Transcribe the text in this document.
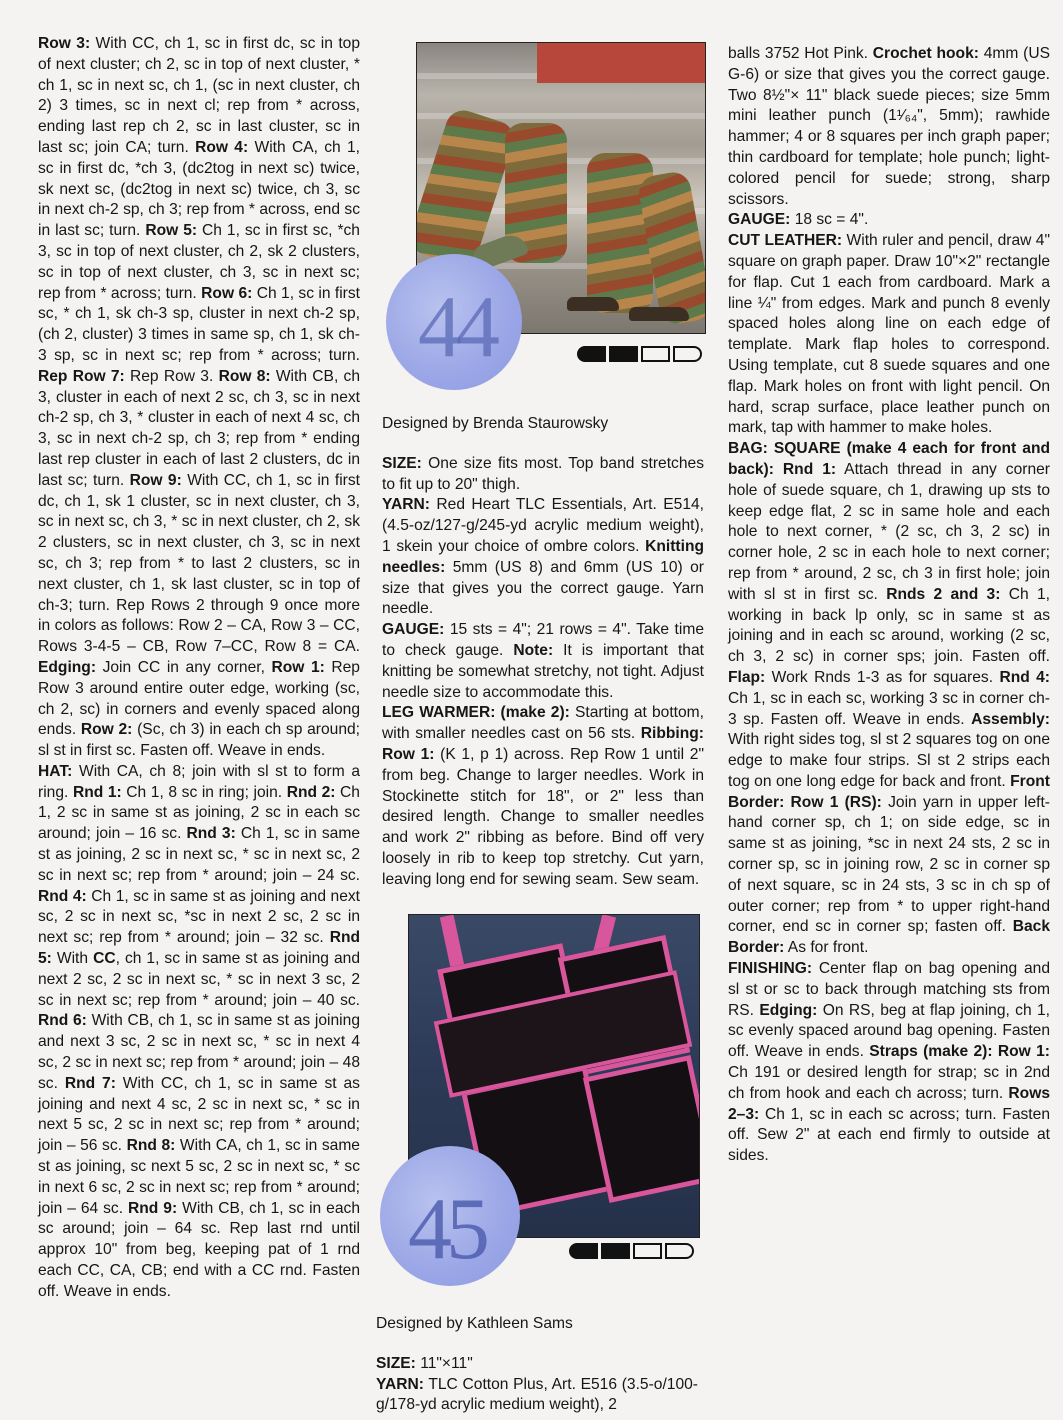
Row 3: With CC, ch 1, sc in first dc, sc in top of next cluster; ch 2, sc in top of next cluster, * ch 1, sc in next sc, ch 1, (sc in next cluster, ch 2) 3 times, sc in next cl; rep from * across, ending last rep ch 2, sc in last cluster, sc in last sc; join CA; turn. Row 4: With CA, ch 1, sc in first dc, *ch 3, (dc2tog in next sc) twice, sk next sc, (dc2tog in next sc) twice, ch 3, sc in next ch-2 sp, ch 3; rep from * across, end sc in last sc; turn. Row 5: Ch 1, sc in first sc, *ch 3, sc in top of next cluster, ch 2, sk 2 clusters, sc in top of next cluster, ch 3, sc in next sc; rep from * across; turn. Row 6: Ch 1, sc in first sc, * ch 1, sk ch-3 sp, cluster in next ch-2 sp, (ch 2, cluster) 3 times in same sp, ch 1, sk ch-3 sp, sc in next sc; rep from * across; turn. Rep Row 7: Rep Row 3. Row 8: With CB, ch 3, cluster in each of next 2 sc, ch 3, sc in next ch-2 sp, ch 3, * cluster in each of next 4 sc, ch 3, sc in next ch-2 sp, ch 3; rep from * ending last rep cluster in each of last 2 clusters, dc in last sc; turn. Row 9: With CC, ch 1, sc in first dc, ch 1, sk 1 cluster, sc in next cluster, ch 3, sc in next sc, ch 3, * sc in next cluster, ch 2, sk 2 clusters, sc in next cluster, ch 3, sc in next sc, ch 3; rep from * to last 2 clusters, sc in next cluster, ch 1, sk last cluster, sc in top of ch-3; turn. Rep Rows 2 through 9 once more in colors as follows: Row 2 – CA, Row 3 – CC, Rows 3-4-5 – CB, Row 7–CC, Row 8 = CA. Edging: Join CC in any corner, Row 1: Rep Row 3 around entire outer edge, working (sc, ch 2, sc) in corners and evenly spaced along ends. Row 2: (Sc, ch 3) in each ch sp around; sl st in first sc. Fasten off. Weave in ends.

HAT: With CA, ch 8; join with sl st to form a ring. Rnd 1: Ch 1, 8 sc in ring; join. Rnd 2: Ch 1, 2 sc in same st as joining, 2 sc in each sc around; join – 16 sc. Rnd 3: Ch 1, sc in same st as joining, 2 sc in next sc, * sc in next sc, 2 sc in next sc; rep from * around; join – 24 sc. Rnd 4: Ch 1, sc in same st as joining and next sc, 2 sc in next sc, *sc in next 2 sc, 2 sc in next sc; rep from * around; join – 32 sc. Rnd 5: With CC, ch 1, sc in same st as joining and next 2 sc, 2 sc in next sc, * sc in next 3 sc, 2 sc in next sc; rep from * around; join – 40 sc. Rnd 6: With CB, ch 1, sc in same st as joining and next 3 sc, 2 sc in next sc, * sc in next 4 sc, 2 sc in next sc; rep from * around; join – 48 sc. Rnd 7: With CC, ch 1, sc in same st as joining and next 4 sc, 2 sc in next sc, * sc in next 5 sc, 2 sc in next sc; rep from * around; join – 56 sc. Rnd 8: With CA, ch 1, sc in same st as joining, sc next 5 sc, 2 sc in next sc, * sc in next 6 sc, 2 sc in next sc; rep from * around; join – 64 sc. Rnd 9: With CB, ch 1, sc in each sc around; join – 64 sc. Rep last rnd until approx 10" from beg, keeping pat of 1 rnd each CC, CA, CB; end with a CC rnd. Fasten off. Weave in ends.

44

Designed by Brenda Staurowsky

SIZE: One size fits most. Top band stretches to fit up to 20" thigh.

YARN: Red Heart TLC Essentials, Art. E514, (4.5-oz/127-g/245-yd acrylic medium weight), 1 skein your choice of ombre colors. Knitting needles: 5mm (US 8) and 6mm (US 10) or size that gives you the correct gauge. Yarn needle.

GAUGE: 15 sts = 4"; 21 rows = 4". Take time to check gauge. Note: It is important that knitting be somewhat stretchy, not tight. Adjust needle size to accommodate this.

LEG WARMER: (make 2): Starting at bottom, with smaller needles cast on 56 sts. Ribbing: Row 1: (K 1, p 1) across. Rep Row 1 until 2" from beg. Change to larger needles. Work in Stockinette stitch for 18", or 2" less than desired length. Change to smaller needles and work 2" ribbing as before. Bind off very loosely in rib to keep top stretchy. Cut yarn, leaving long end for sewing seam. Sew seam.

45

Designed by Kathleen Sams

SIZE: 11"×11"

YARN: TLC Cotton Plus, Art. E516 (3.5-o/100-g/178-yd acrylic medium weight), 2

balls 3752 Hot Pink. Crochet hook: 4mm (US G-6) or size that gives you the correct gauge. Two 8½"× 11" black suede pieces; size 5mm mini leather punch (1¹⁄₆₄", 5mm); rawhide hammer; 4 or 8 squares per inch graph paper; thin cardboard for template; hole punch; light-colored pencil for suede; strong, sharp scissors.

GAUGE: 18 sc = 4".

CUT LEATHER: With ruler and pencil, draw 4" square on graph paper. Draw 10"×2" rectangle for flap. Cut 1 each from cardboard. Mark a line ¼" from edges. Mark and punch 8 evenly spaced holes along line on each edge of template. Mark flap holes to correspond. Using template, cut 8 suede squares and one flap. Mark holes on front with light pencil. On hard, scrap surface, place leather punch on mark, tap with hammer to make holes.

BAG: SQUARE (make 4 each for front and back): Rnd 1: Attach thread in any corner hole of suede square, ch 1, drawing up sts to keep edge flat, 2 sc in same hole and each hole to next corner, * (2 sc, ch 3, 2 sc) in corner hole, 2 sc in each hole to next corner; rep from * around, 2 sc, ch 3 in first hole; join with sl st in first sc. Rnds 2 and 3: Ch 1, working in back lp only, sc in same st as joining and in each sc around, working (2 sc, ch 3, 2 sc) in corner sps; join. Fasten off. Flap: Work Rnds 1-3 as for squares. Rnd 4: Ch 1, sc in each sc, working 3 sc in corner ch-3 sp. Fasten off. Weave in ends. Assembly: With right sides tog, sl st 2 squares tog on one edge to make four strips. Sl st 2 strips each tog on one long edge for back and front. Front Border: Row 1 (RS): Join yarn in upper left-hand corner sp, ch 1; on side edge, sc in same st as joining, *sc in next 24 sts, 2 sc in corner sp, sc in joining row, 2 sc in corner sp of next square, sc in 24 sts, 3 sc in ch sp of outer corner; rep from * to upper right-hand corner, end sc in corner sp; fasten off. Back Border: As for front.

FINISHING: Center flap on bag opening and sl st or sc to back through matching sts from RS. Edging: On RS, beg at flap joining, ch 1, sc evenly spaced around bag opening. Fasten off. Weave in ends. Straps (make 2): Row 1: Ch 191 or desired length for strap; sc in 2nd ch from hook and each ch across; turn. Rows 2–3: Ch 1, sc in each sc across; turn. Fasten off. Sew 2" at each end firmly to outside at sides.
